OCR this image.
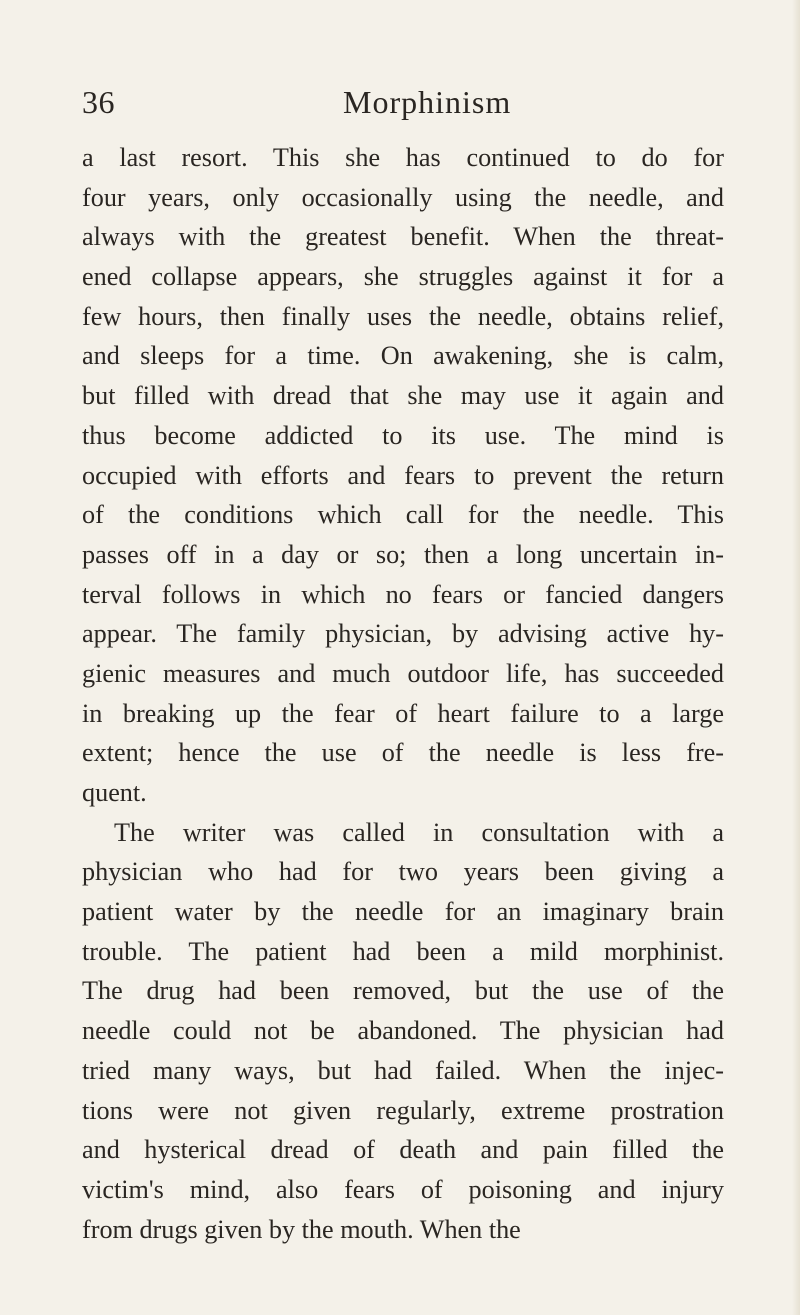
36	Morphinism
a last resort. This she has continued to do for
four years, only occasionally using the needle, and
always with the greatest benefit. When the threat-
ened collapse appears, she struggles against it for a
few hours, then finally uses the needle, obtains relief,
and sleeps for a time. On awakening, she is calm,
but filled with dread that she may use it again and
thus become addicted to its use. The mind is
occupied with efforts and fears to prevent the return
of the conditions which call for the needle. This
passes off in a day or so; then a long uncertain in-
terval follows in which no fears or fancied dangers
appear. The family physician, by advising active hy-
gienic measures and much outdoor life, has succeeded
in breaking up the fear of heart failure to a large
extent; hence the use of the needle is less fre-
quent.
The writer was called in consultation with a
physician who had for two years been giving a
patient water by the needle for an imaginary brain
trouble. The patient had been a mild morphinist.
The drug had been removed, but the use of the
needle could not be abandoned. The physician had
tried many ways, but had failed. When the injec-
tions were not given regularly, extreme prostration
and hysterical dread of death and pain filled the
victim's mind, also fears of poisoning and injury
from drugs given by the mouth. When the
